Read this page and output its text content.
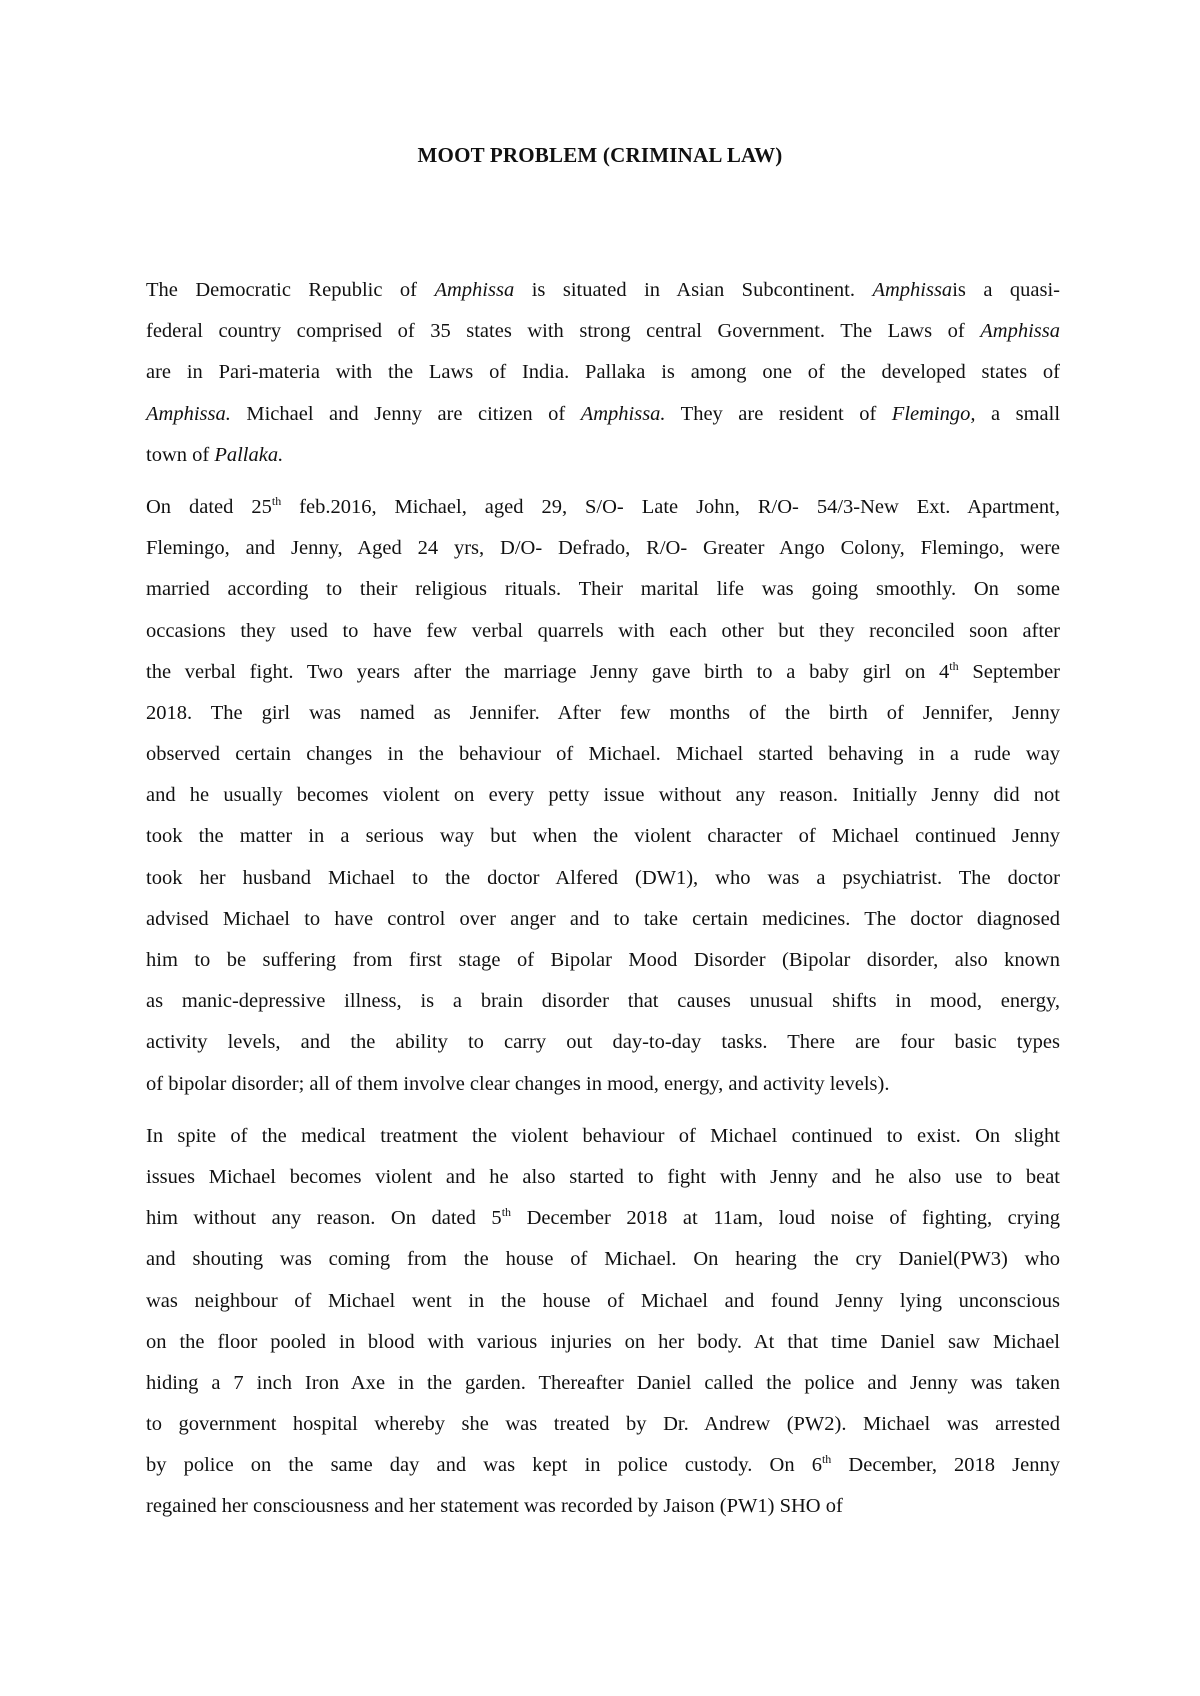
MOOT PROBLEM (CRIMINAL LAW)
The Democratic Republic of Amphissa is situated in Asian Subcontinent. Amphissais a quasi-
federal country comprised of 35 states with strong central Government. The Laws of Amphissa
are in Pari-materia with the Laws of India. Pallaka is among one of the developed states of
Amphissa. Michael and Jenny are citizen of Amphissa. They are resident of Flemingo, a small
town of Pallaka.
On dated 25th feb.2016, Michael, aged 29, S/O- Late John, R/O- 54/3-New Ext. Apartment,
Flemingo, and Jenny, Aged 24 yrs, D/O- Defrado, R/O- Greater Ango Colony, Flemingo, were
married according to their religious rituals. Their marital life was going smoothly. On some
occasions they used to have few verbal quarrels with each other but they reconciled soon after
the verbal fight. Two years after the marriage Jenny gave birth to a baby girl on 4th September
2018. The girl was named as Jennifer. After few months of the birth of Jennifer, Jenny
observed certain changes in the behaviour of Michael. Michael started behaving in a rude way
and he usually becomes violent on every petty issue without any reason. Initially Jenny did not
took the matter in a serious way but when the violent character of Michael continued Jenny
took her husband Michael to the doctor Alfered (DW1), who was a psychiatrist. The doctor
advised Michael to have control over anger and to take certain medicines. The doctor diagnosed
him to be suffering from first stage of Bipolar Mood Disorder (Bipolar disorder, also known
as manic-depressive illness, is a brain disorder that causes unusual shifts in mood, energy,
activity levels, and the ability to carry out day-to-day tasks. There are four basic types
of bipolar disorder; all of them involve clear changes in mood, energy, and activity levels).
In spite of the medical treatment the violent behaviour of Michael continued to exist. On slight
issues Michael becomes violent and he also started to fight with Jenny and he also use to beat
him without any reason. On dated 5th December 2018 at 11am, loud noise of fighting, crying
and shouting was coming from the house of Michael. On hearing the cry Daniel(PW3) who
was neighbour of Michael went in the house of Michael and found Jenny lying unconscious
on the floor pooled in blood with various injuries on her body. At that time Daniel saw Michael
hiding a 7 inch Iron Axe in the garden. Thereafter Daniel called the police and Jenny was taken
to government hospital whereby she was treated by Dr. Andrew (PW2). Michael was arrested
by police on the same day and was kept in police custody. On 6th December, 2018 Jenny
regained her consciousness and her statement was recorded by Jaison (PW1) SHO of
